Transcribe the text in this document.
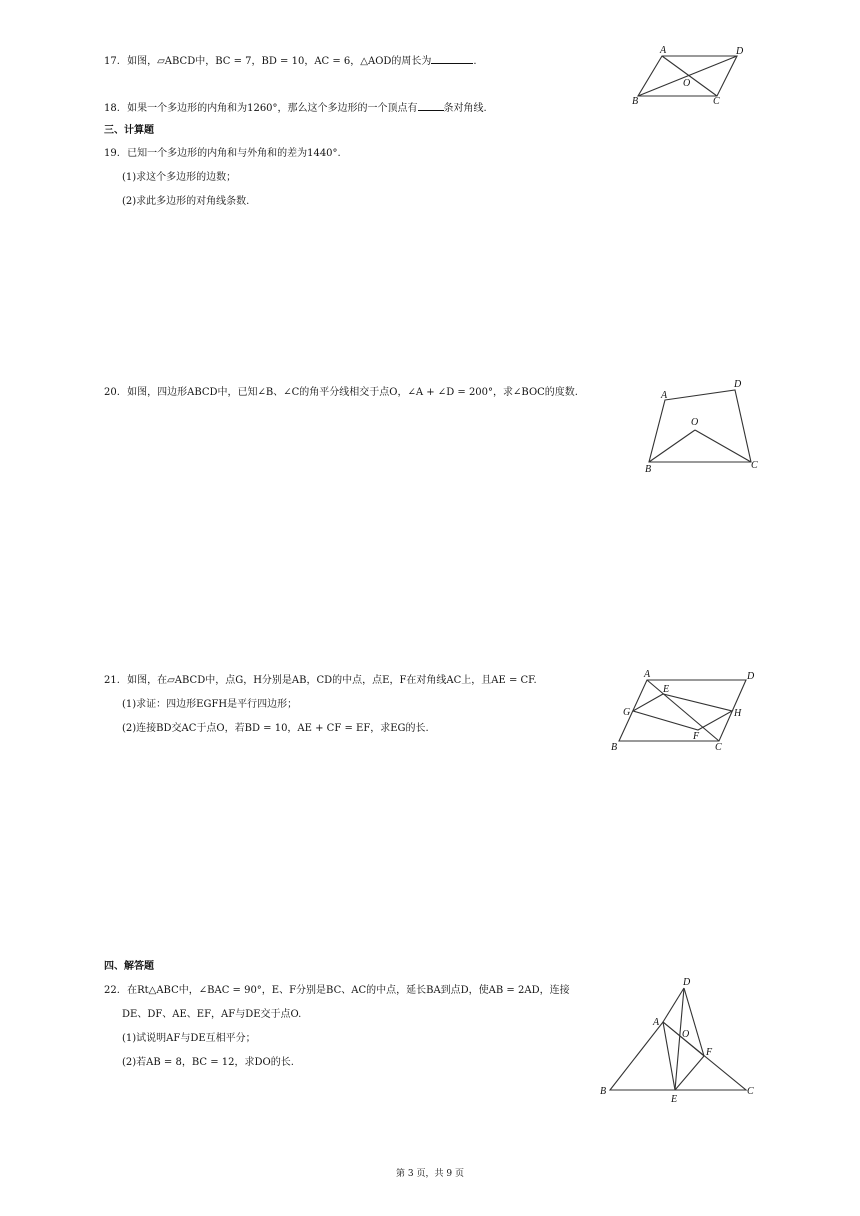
17. 如图，▱ABCD中，BC = 7，BD = 10，AC = 6，△AOD的周长为	.
A	D
B	C
O
18. 如果一个多边形的内角和为1260°，那么这个多边形的一个顶点有	条对角线.
三、计算题
19. 已知一个多边形的内角和与外角和的差为1440°.
(1)求这个多边形的边数；
(2)求此多边形的对角线条数.
20. 如图，四边形ABCD中，已知∠B、∠C的角平分线相交于点O，∠A + ∠D = 200°，求∠BOC的度数.	A
D
O
B	C
21. 如图，在▱ABCD中，点G，H分别是AB，CD的中点，点E，F在对角线AC上，且AE = CF.
(1)求证：四边形EGFH是平行四边形；
(2)连接BD交AC于点O，若BD = 10，AE + CF = EF，求EG的长.
A	D
E
G	H
F
B	C
四、解答题
22. 在Rt△ABC中，∠BAC = 90°，E、F分别是BC、AC的中点，延长BA到点D，使AB = 2AD，连接
DE、DF、AE、EF，AF与DE交于点O.
(1)试说明AF与DE互相平分；
(2)若AB = 8，BC = 12，求DO的长.
D
A
O
F
B	C
E
第 3 页，共 9 页
